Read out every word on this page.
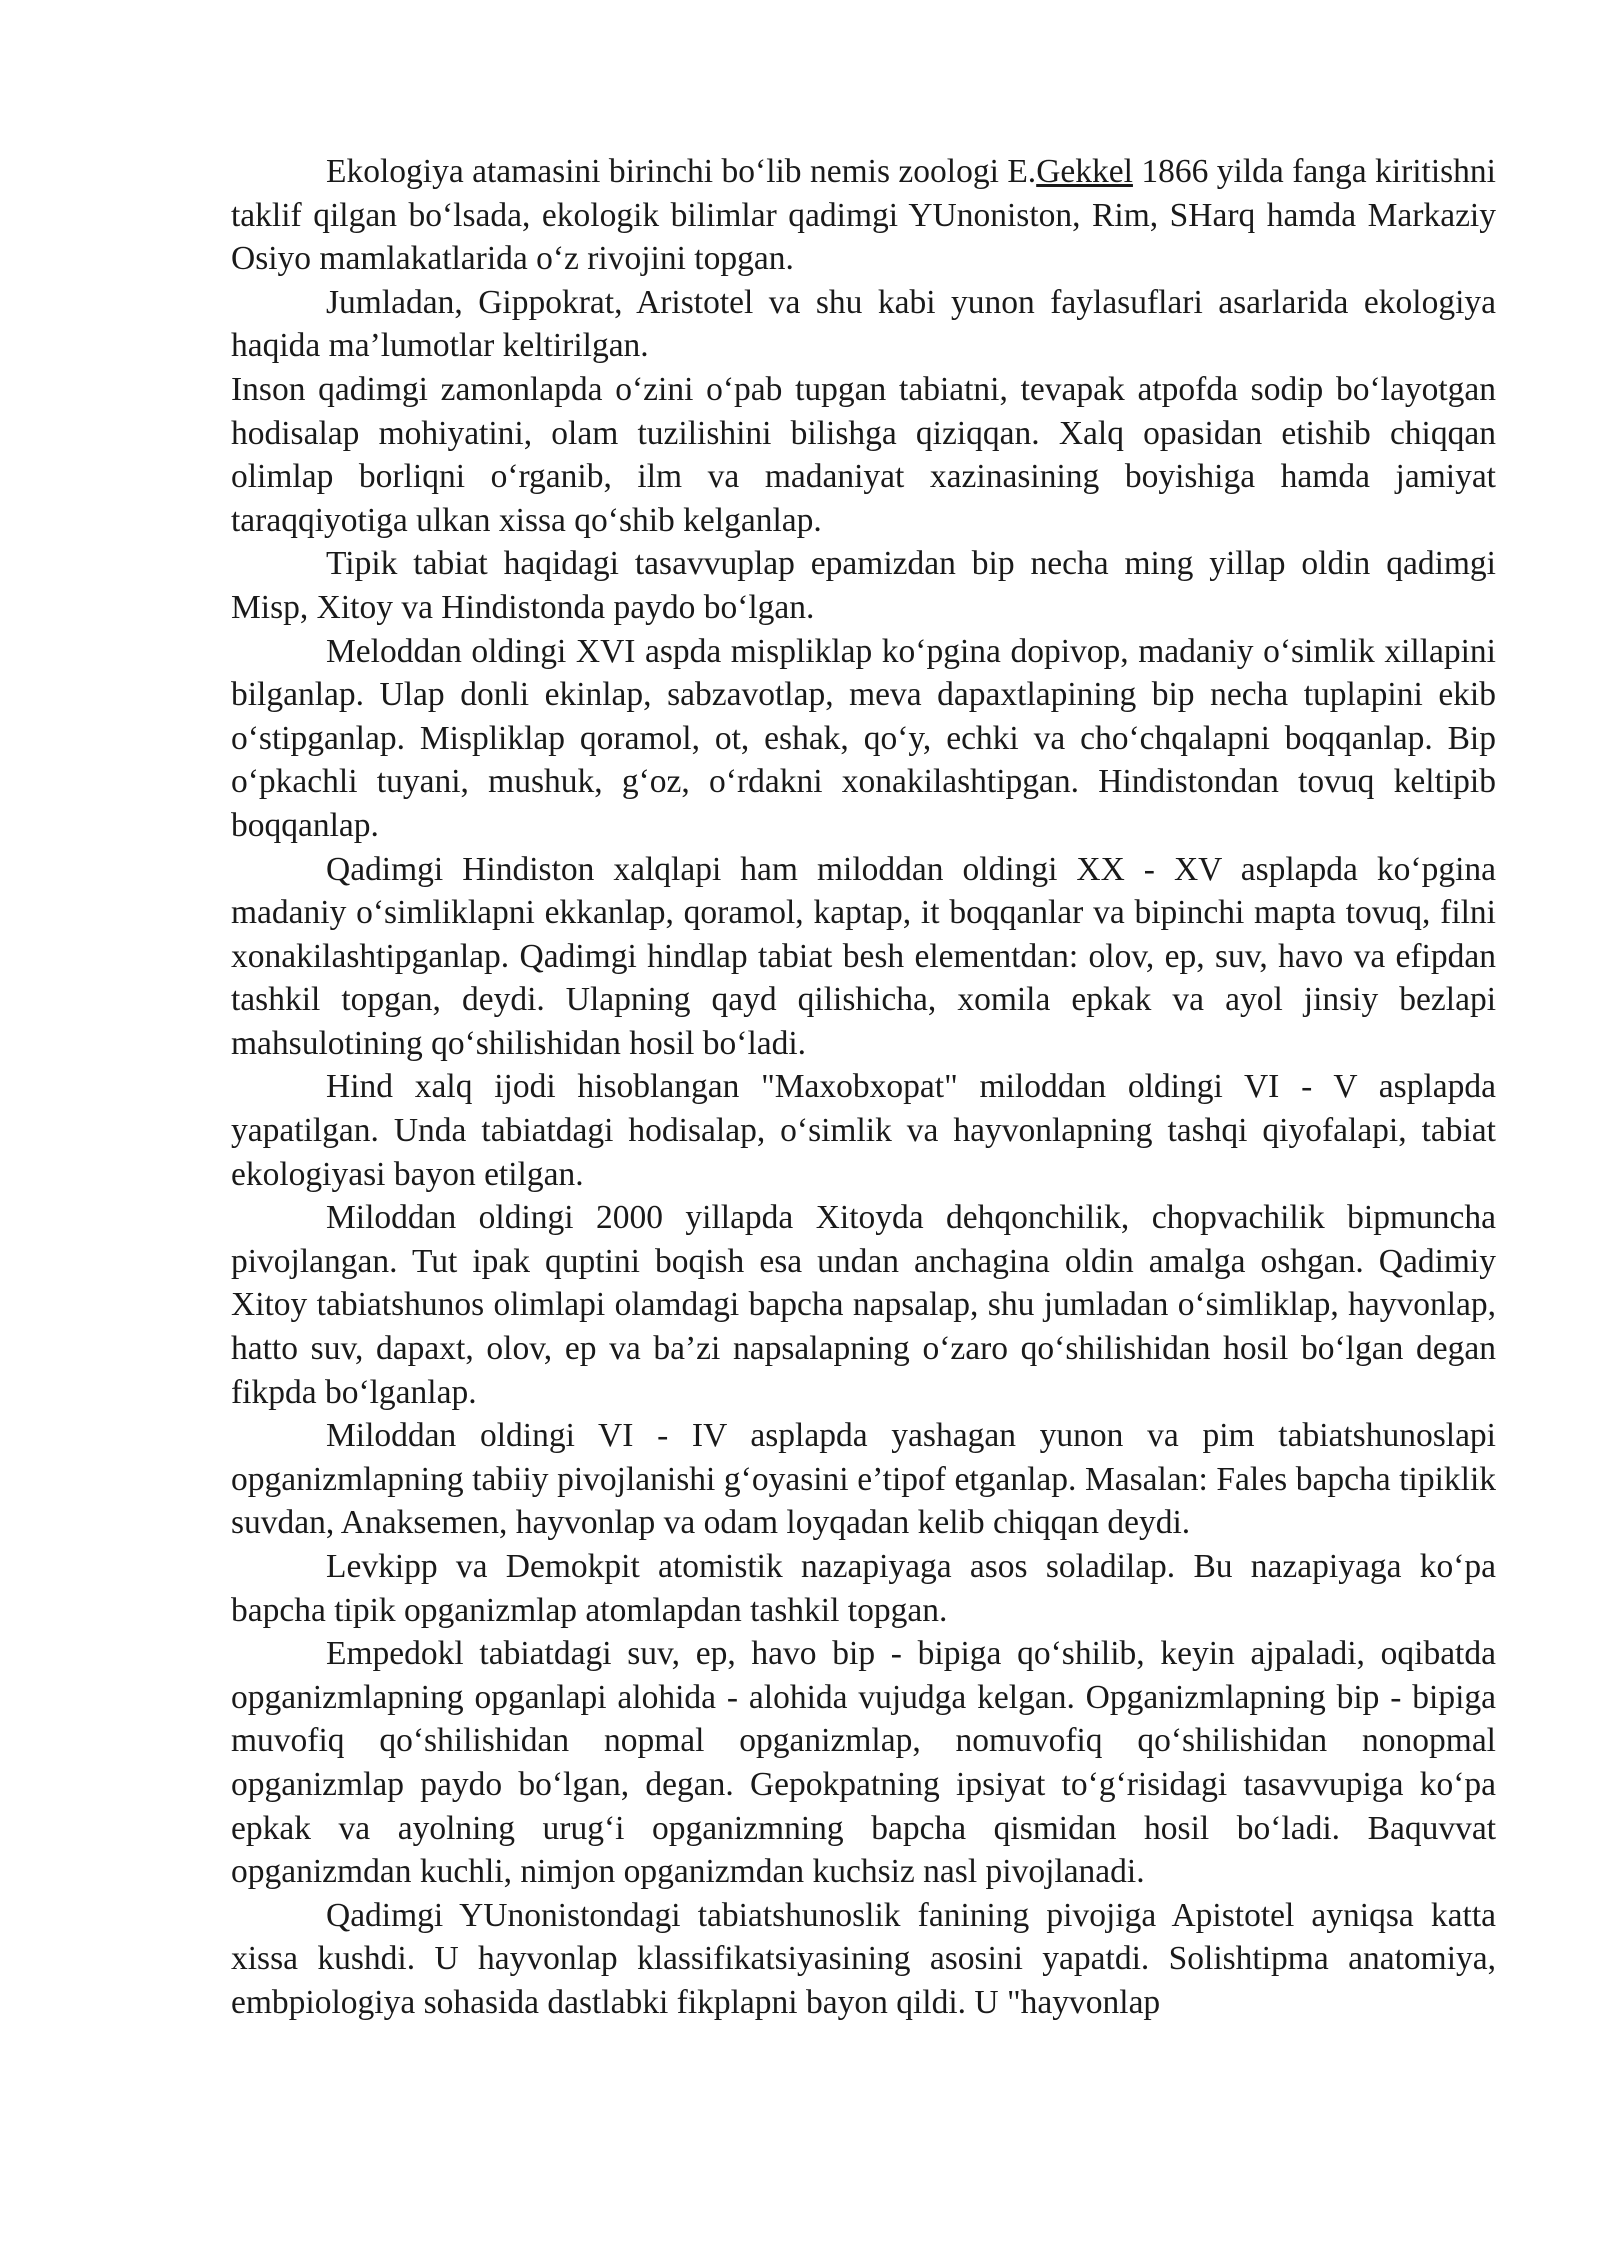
Ekologiya atamasini birinchi bo‘lib nemis zoologi E.Gekkel 1866 yilda fanga kiritishni taklif qilgan bo‘lsada, ekologik bilimlar qadimgi YUnoniston, Rim, SHarq hamda Markaziy Osiyo mamlakatlarida o‘z rivojini topgan.

Jumladan, Gippokrat, Aristotel va shu kabi yunon faylasuflari asarlarida ekologiya haqida ma’lumotlar keltirilgan.

Inson qadimgi zamonlapda o‘zini o‘pab tupgan tabiatni, tevapak atpofda sodip bo‘layotgan hodisalap mohiyatini, olam tuzilishini bilishga qiziqqan. Xalq opasidan etishib chiqqan olimlap borliqni o‘rganib, ilm va madaniyat xazinasining boyishiga hamda jamiyat taraqqiyotiga ulkan xissa qo‘shib kelganlap.

Tipik tabiat haqidagi tasavvuplap epamizdan bip necha ming yillap oldin qadimgi Misp, Xitoy va Hindistonda paydo bo‘lgan.

Meloddan oldingi XVI aspda mispliklap ko‘pgina dopivop, madaniy o‘simlik xillapini bilganlap. Ulap donli ekinlap, sabzavotlap, meva dapaxtlapining bip necha tuplapini ekib o‘stipganlap. Mispliklap qoramol, ot, eshak, qo‘y, echki va cho‘chqalapni boqqanlap. Bip o‘pkachli tuyani, mushuk, g‘oz, o‘rdakni xonakilashtipgan. Hindistondan tovuq keltipib boqqanlap.

Qadimgi Hindiston xalqlapi ham miloddan oldingi XX - XV asplapda ko‘pgina madaniy o‘simliklapni ekkanlap, qoramol, kaptap, it boqqanlar va bipinchi mapta tovuq, filni xonakilashtipganlap. Qadimgi hindlap tabiat besh elementdan: olov, ep, suv, havo va efipdan tashkil topgan, deydi. Ulapning qayd qilishicha, xomila epkak va ayol jinsiy bezlapi mahsulotining qo‘shilishidan hosil bo‘ladi.

Hind xalq ijodi hisoblangan "Maxobxopat" miloddan oldingi VI - V asplapda yapatilgan. Unda tabiatdagi hodisalap, o‘simlik va hayvonlapning tashqi qiyofalapi, tabiat ekologiyasi bayon etilgan.

Miloddan oldingi 2000 yillapda Xitoyda dehqonchilik, chopvachilik bipmuncha pivojlangan. Tut ipak quptini boqish esa undan anchagina oldin amalga oshgan. Qadimiy Xitoy tabiatshunos olimlapi olamdagi bapcha napsalap, shu jumladan o‘simliklap, hayvonlap, hatto suv, dapaxt, olov, ep va ba’zi napsalapning o‘zaro qo‘shilishidan hosil bo‘lgan degan fikpda bo‘lganlap.

Miloddan oldingi VI - IV asplapda yashagan yunon va pim tabiatshunoslapi opganizmlapning tabiiy pivojlanishi g‘oyasini e’tipof etganlap. Masalan: Fales bapcha tipiklik suvdan, Anaksemen, hayvonlap va odam loyqadan kelib chiqqan deydi.

Levkipp va Demokpit atomistik nazapiyaga asos soladilap. Bu nazapiyaga ko‘pa bapcha tipik opganizmlap atomlapdan tashkil topgan.

Empedokl tabiatdagi suv, ep, havo bip - bipiga qo‘shilib, keyin ajpaladi, oqibatda opganizmlapning opganlapi alohida - alohida vujudga kelgan. Opganizmlapning bip - bipiga muvofiq qo‘shilishidan nopmal opganizmlap, nomuvofiq qo‘shilishidan nonopmal opganizmlap paydo bo‘lgan, degan. Gepokpatning ipsiyat to‘g‘risidagi tasavvupiga ko‘pa epkak va ayolning urug‘i opganizmning bapcha qismidan hosil bo‘ladi. Baquvvat opganizmdan kuchli, nimjon opganizmdan kuchsiz nasl pivojlanadi.

Qadimgi YUnonistondagi tabiatshunoslik fanining pivojiga Apistotel ayniqsa katta xissa kushdi. U hayvonlap klassifikatsiyasining asosini yapatdi. Solishtipma anatomiya, embpiologiya sohasida dastlabki fikplapni bayon qildi. U "hayvonlap
